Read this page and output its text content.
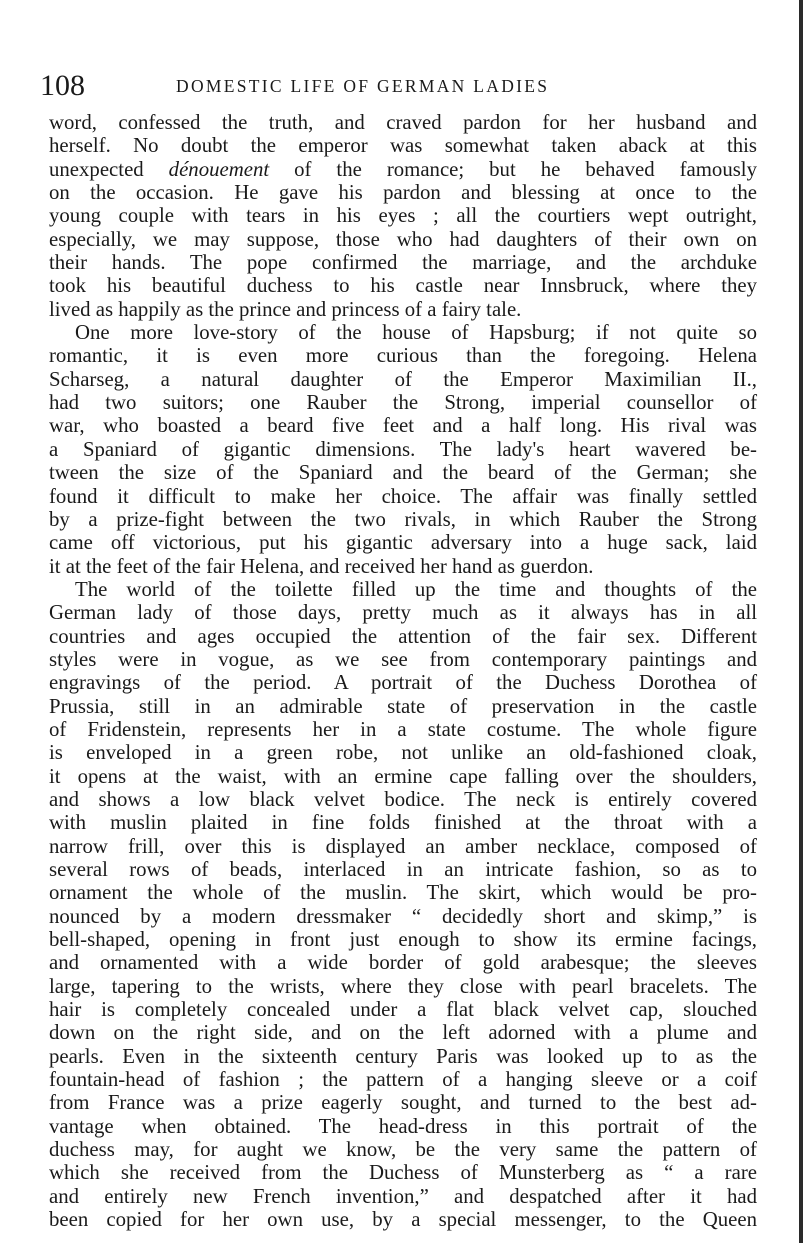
108	DOMESTIC LIFE OF GERMAN LADIES
word, confessed the truth, and craved pardon for her husband and
herself. No doubt the emperor was somewhat taken aback at this
unexpected dénouement of the romance; but he behaved famously
on the occasion. He gave his pardon and blessing at once to the
young couple with tears in his eyes ; all the courtiers wept outright,
especially, we may suppose, those who had daughters of their own on
their hands. The pope confirmed the marriage, and the archduke
took his beautiful duchess to his castle near Innsbruck, where they
lived as happily as the prince and princess of a fairy tale.
One more love-story of the house of Hapsburg; if not quite so
romantic, it is even more curious than the foregoing. Helena
Scharseg, a natural daughter of the Emperor Maximilian II.,
had two suitors; one Rauber the Strong, imperial counsellor of
war, who boasted a beard five feet and a half long. His rival was
a Spaniard of gigantic dimensions. The lady's heart wavered be-
tween the size of the Spaniard and the beard of the German; she
found it difficult to make her choice. The affair was finally settled
by a prize-fight between the two rivals, in which Rauber the Strong
came off victorious, put his gigantic adversary into a huge sack, laid
it at the feet of the fair Helena, and received her hand as guerdon.
The world of the toilette filled up the time and thoughts of the
German lady of those days, pretty much as it always has in all
countries and ages occupied the attention of the fair sex. Different
styles were in vogue, as we see from contemporary paintings and
engravings of the period. A portrait of the Duchess Dorothea of
Prussia, still in an admirable state of preservation in the castle
of Fridenstein, represents her in a state costume. The whole figure
is enveloped in a green robe, not unlike an old-fashioned cloak,
it opens at the waist, with an ermine cape falling over the shoulders,
and shows a low black velvet bodice. The neck is entirely covered
with muslin plaited in fine folds finished at the throat with a
narrow frill, over this is displayed an amber necklace, composed of
several rows of beads, interlaced in an intricate fashion, so as to
ornament the whole of the muslin. The skirt, which would be pro-
nounced by a modern dressmaker “ decidedly short and skimp,” is
bell-shaped, opening in front just enough to show its ermine facings,
and ornamented with a wide border of gold arabesque; the sleeves
large, tapering to the wrists, where they close with pearl bracelets. The
hair is completely concealed under a flat black velvet cap, slouched
down on the right side, and on the left adorned with a plume and
pearls. Even in the sixteenth century Paris was looked up to as the
fountain-head of fashion ; the pattern of a hanging sleeve or a coif
from France was a prize eagerly sought, and turned to the best ad-
vantage when obtained. The head-dress in this portrait of the
duchess may, for aught we know, be the very same the pattern of
which she received from the Duchess of Munsterberg as “ a rare
and entirely new French invention,” and despatched after it had
been copied for her own use, by a special messenger, to the Queen
